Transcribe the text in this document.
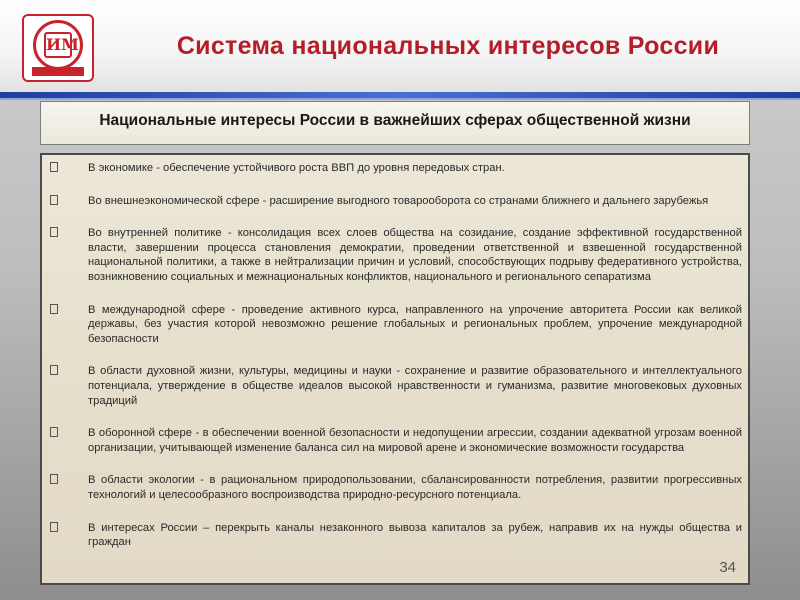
ИМ	Система национальных интересов России
Национальные интересы России в важнейших сферах общественной жизни
В экономике - обеспечение устойчивого роста ВВП до уровня передовых стран.
Во внешнеэкономической сфере - расширение выгодного товарооборота со странами ближнего и дальнего зарубежья
Во внутренней политике - консолидация всех слоев общества на созидание, создание эффективной государственной власти, завершении процесса становления демократии, проведении ответственной и взвешенной государственной национальной политики, а также в нейтрализации причин и условий, способствующих подрыву федеративного устройства, возникновению социальных и межнациональных конфликтов, национального и регионального сепаратизма
В международной сфере - проведение активного курса, направленного на упрочение авторитета России как великой державы, без участия которой невозможно решение глобальных и региональных проблем, упрочение международной безопасности
В области духовной жизни, культуры, медицины и науки - сохранение и развитие образовательного и интеллектуального потенциала, утверждение в обществе идеалов высокой нравственности и гуманизма, развитие многовековых духовных традиций
В оборонной сфере - в обеспечении военной безопасности и недопущении агрессии, создании адекватной угрозам военной организации, учитывающей изменение баланса сил на мировой арене и экономические возможности государства
В области экологии - в рациональном природопользовании, сбалансированности потребления, развитии прогрессивных технологий и целесообразного воспроизводства природно-ресурсного потенциала.
В интересах России – перекрыть каналы незаконного вывоза капиталов за рубеж, направив их на нужды общества и граждан
34
